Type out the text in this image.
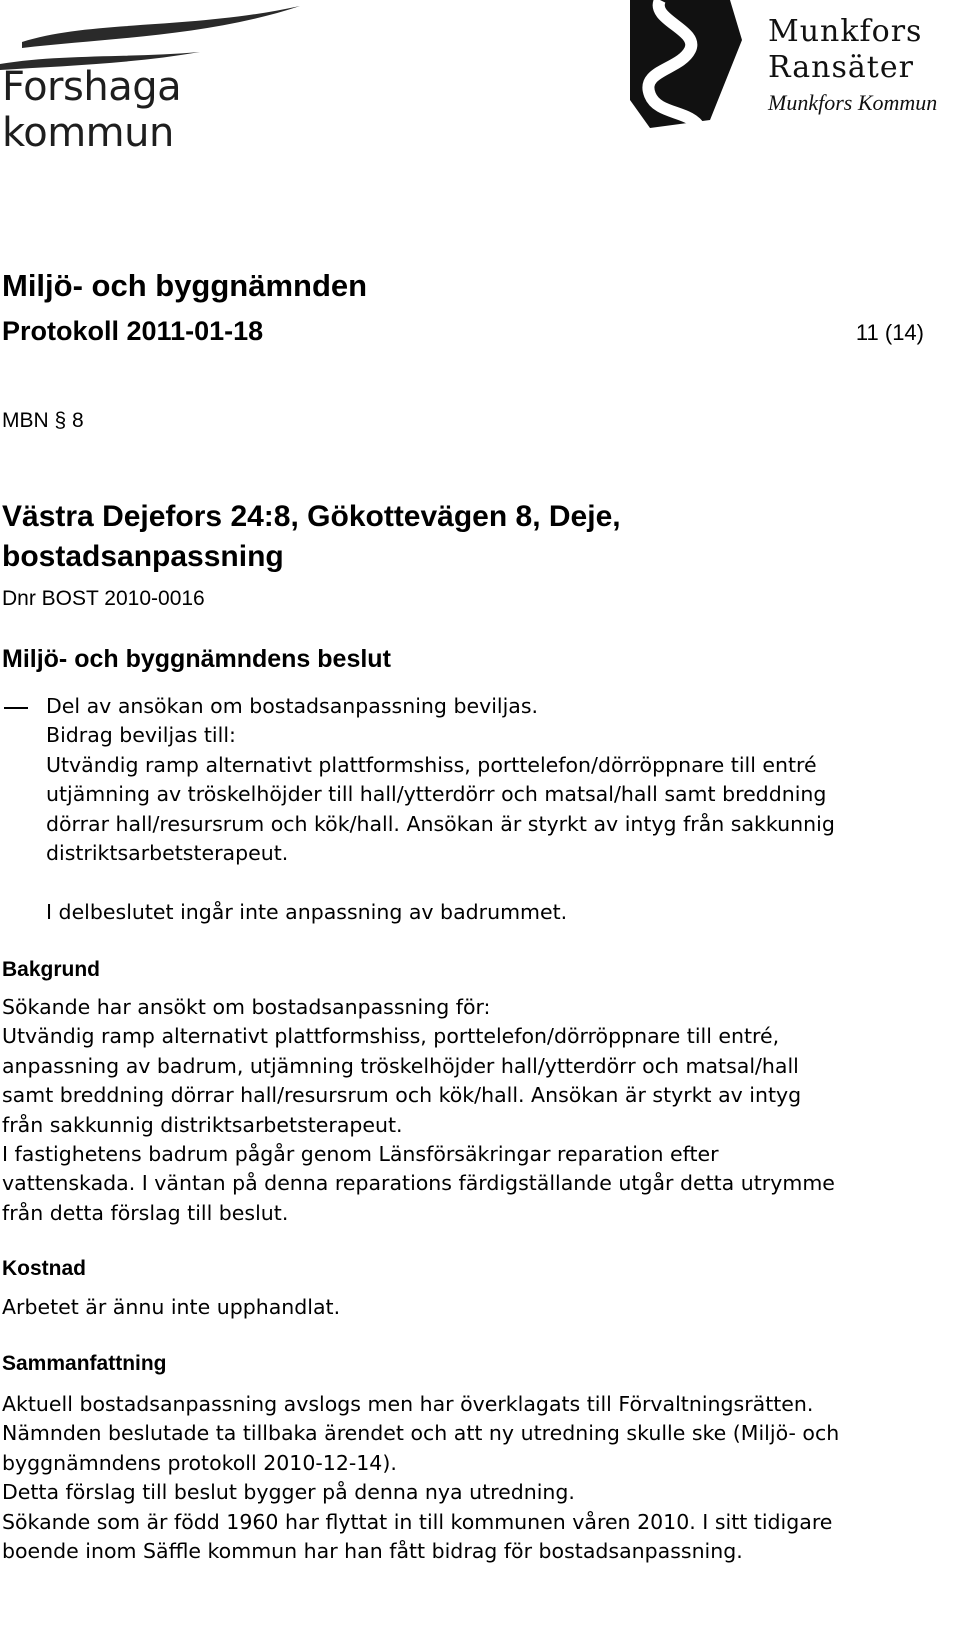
Forshaga kommun
Munkfors
Ransäter
Munkfors Kommun
Miljö- och byggnämnden
Protokoll 2011-01-18	11 (14)
MBN § 8
Västra Dejefors 24:8, Gökottevägen 8, Deje,
bostadsanpassning
Dnr BOST 2010-0016
Miljö- och byggnämndens beslut
Del av ansökan om bostadsanpassning beviljas.
Bidrag beviljas till:
Utvändig ramp alternativt plattformshiss, porttelefon/dörröppnare till entré
utjämning av tröskelhöjder till hall/ytterdörr och matsal/hall samt breddning
dörrar hall/resursrum och kök/hall. Ansökan är styrkt av intyg från sakkunnig
distriktsarbetsterapeut.
I delbeslutet ingår inte anpassning av badrummet.
Bakgrund
Sökande har ansökt om bostadsanpassning för:
Utvändig ramp alternativt plattformshiss, porttelefon/dörröppnare till entré,
anpassning av badrum, utjämning tröskelhöjder hall/ytterdörr och matsal/hall
samt breddning dörrar hall/resursrum och kök/hall. Ansökan är styrkt av intyg
från sakkunnig distriktsarbetsterapeut.
I fastighetens badrum pågår genom Länsförsäkringar reparation efter
vattenskada. I väntan på denna reparations färdigställande utgår detta utrymme
från detta förslag till beslut.
Kostnad
Arbetet är ännu inte upphandlat.
Sammanfattning
Aktuell bostadsanpassning avslogs men har överklagats till Förvaltningsrätten.
Nämnden beslutade ta tillbaka ärendet och att ny utredning skulle ske (Miljö- och
byggnämndens protokoll 2010-12-14).
Detta förslag till beslut bygger på denna nya utredning.
Sökande som är född 1960 har flyttat in till kommunen våren 2010. I sitt tidigare
boende inom Säffle kommun har han fått bidrag för bostadsanpassning.
